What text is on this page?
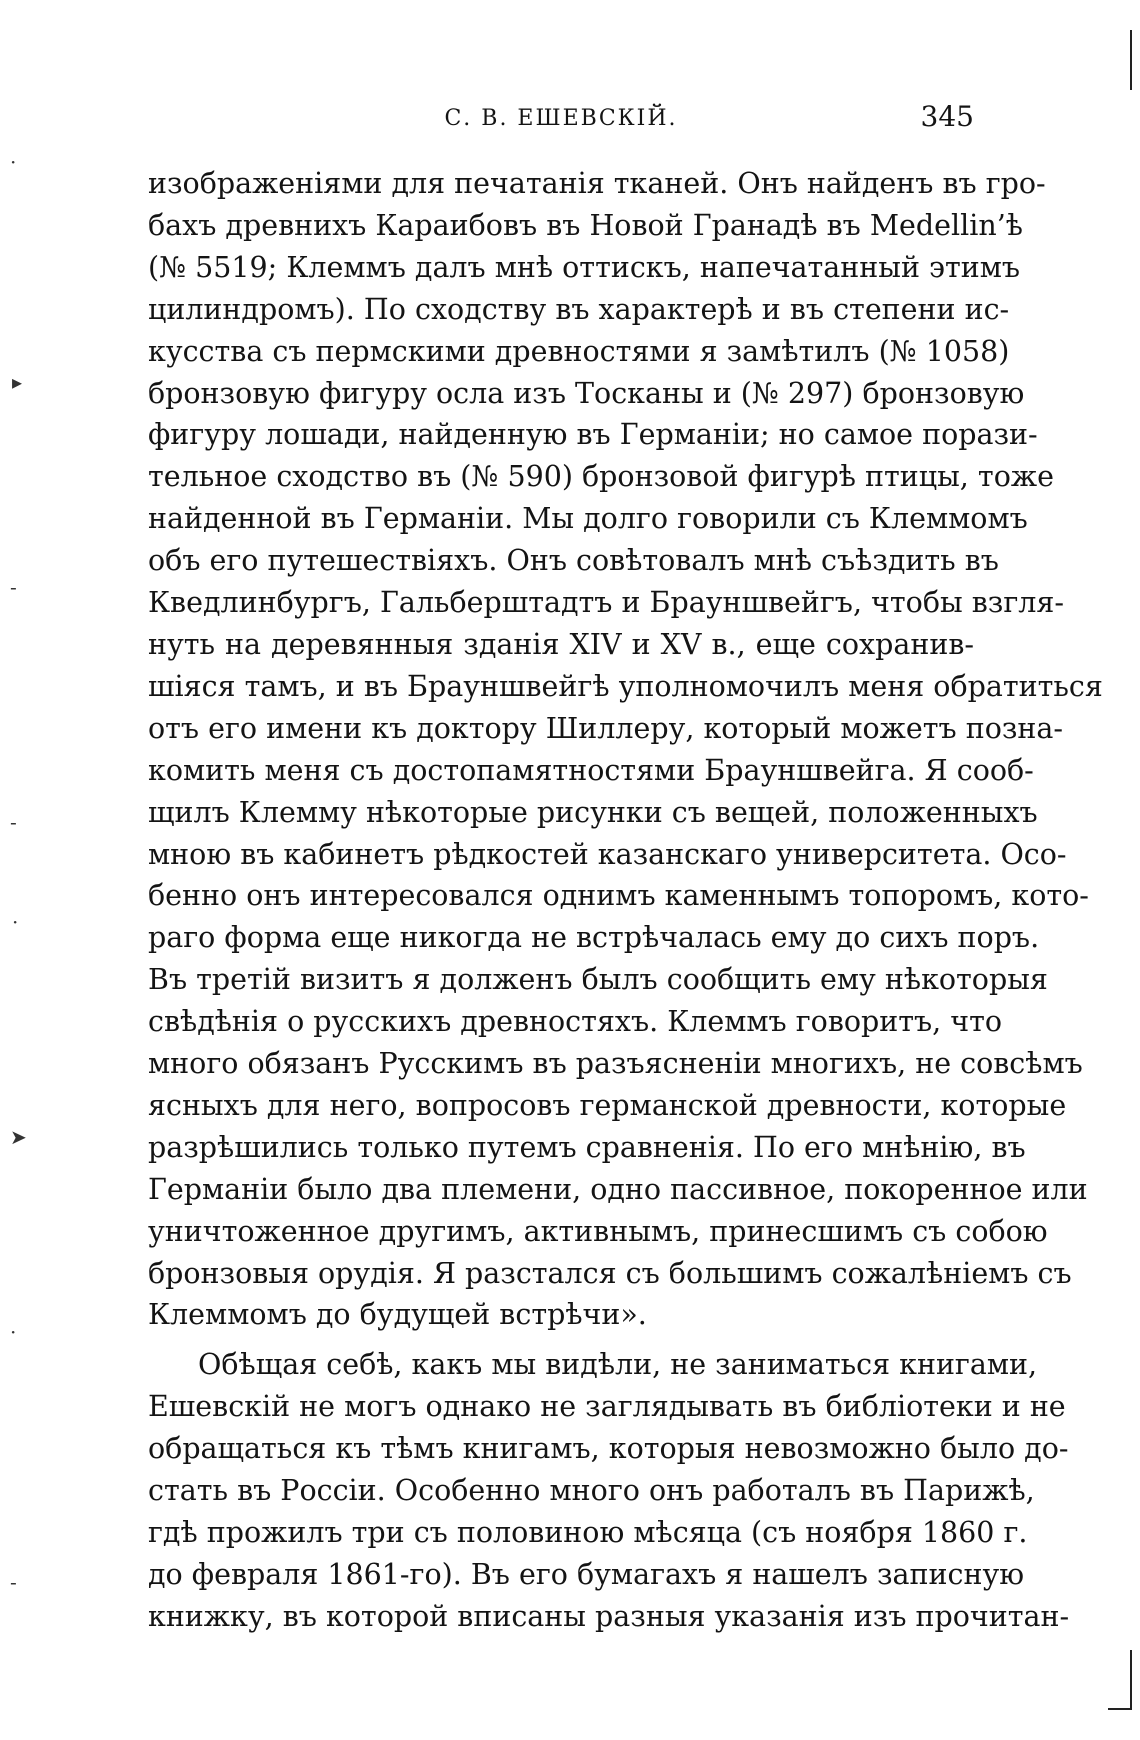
С. В. ЕШЕВСКІЙ.	345
изображеніями для печатанія тканей. Онъ найденъ въ гро-
бахъ древнихъ Караибовъ въ Новой Гранадѣ въ Medellin’ѣ
(№ 5519; Клеммъ далъ мнѣ оттискъ, напечатанный этимъ
цилиндромъ). По сходству въ характерѣ и въ степени ис-
кусства съ пермскими древностями я замѣтилъ (№ 1058)
бронзовую фигуру осла изъ Тосканы и (№ 297) бронзовую
фигуру лошади, найденную въ Германіи; но самое порази-
тельное сходство въ (№ 590) бронзовой фигурѣ птицы, тоже
найденной въ Германіи. Мы долго говорили съ Клеммомъ
объ его путешествіяхъ. Онъ совѣтовалъ мнѣ съѣздить въ
Кведлинбургъ, Гальберштадтъ и Брауншвейгъ, чтобы взгля-
нуть на деревянныя зданія XIV и XV в., еще сохранив-
шіяся тамъ, и въ Брауншвейгѣ уполномочилъ меня обратиться
отъ его имени къ доктору Шиллеру, который можетъ позна-
комить меня съ достопамятностями Брауншвейга. Я сооб-
щилъ Клемму нѣкоторые рисунки съ вещей, положенныхъ
мною въ кабинетъ рѣдкостей казанскаго университета. Осо-
бенно онъ интересовался однимъ каменнымъ топоромъ, кото-
раго форма еще никогда не встрѣчалась ему до сихъ поръ.
Въ третій визитъ я долженъ былъ сообщить ему нѣкоторыя
свѣдѣнія о русскихъ древностяхъ. Клеммъ говоритъ, что
много обязанъ Русскимъ въ разъясненіи многихъ, не совсѣмъ
ясныхъ для него, вопросовъ германской древности, которые
разрѣшились только путемъ сравненія. По его мнѣнію, въ
Германіи было два племени, одно пассивное, покоренное или
уничтоженное другимъ, активнымъ, принесшимъ съ собою
бронзовыя орудія. Я разстался съ большимъ сожалѣніемъ съ
Клеммомъ до будущей встрѣчи».
Обѣщая себѣ, какъ мы видѣли, не заниматься книгами,
Ешевскій не могъ однако не заглядывать въ библіотеки и не
обращаться къ тѣмъ книгамъ, которыя невозможно было до-
стать въ Россіи. Особенно много онъ работалъ въ Парижѣ,
гдѣ прожилъ три съ половиною мѣсяца (съ ноября 1860 г.
до февраля 1861-го). Въ его бумагахъ я нашелъ записную
книжку, въ которой вписаны разныя указанія изъ прочитан-
·
▸
-
-
·
➤
·
-
